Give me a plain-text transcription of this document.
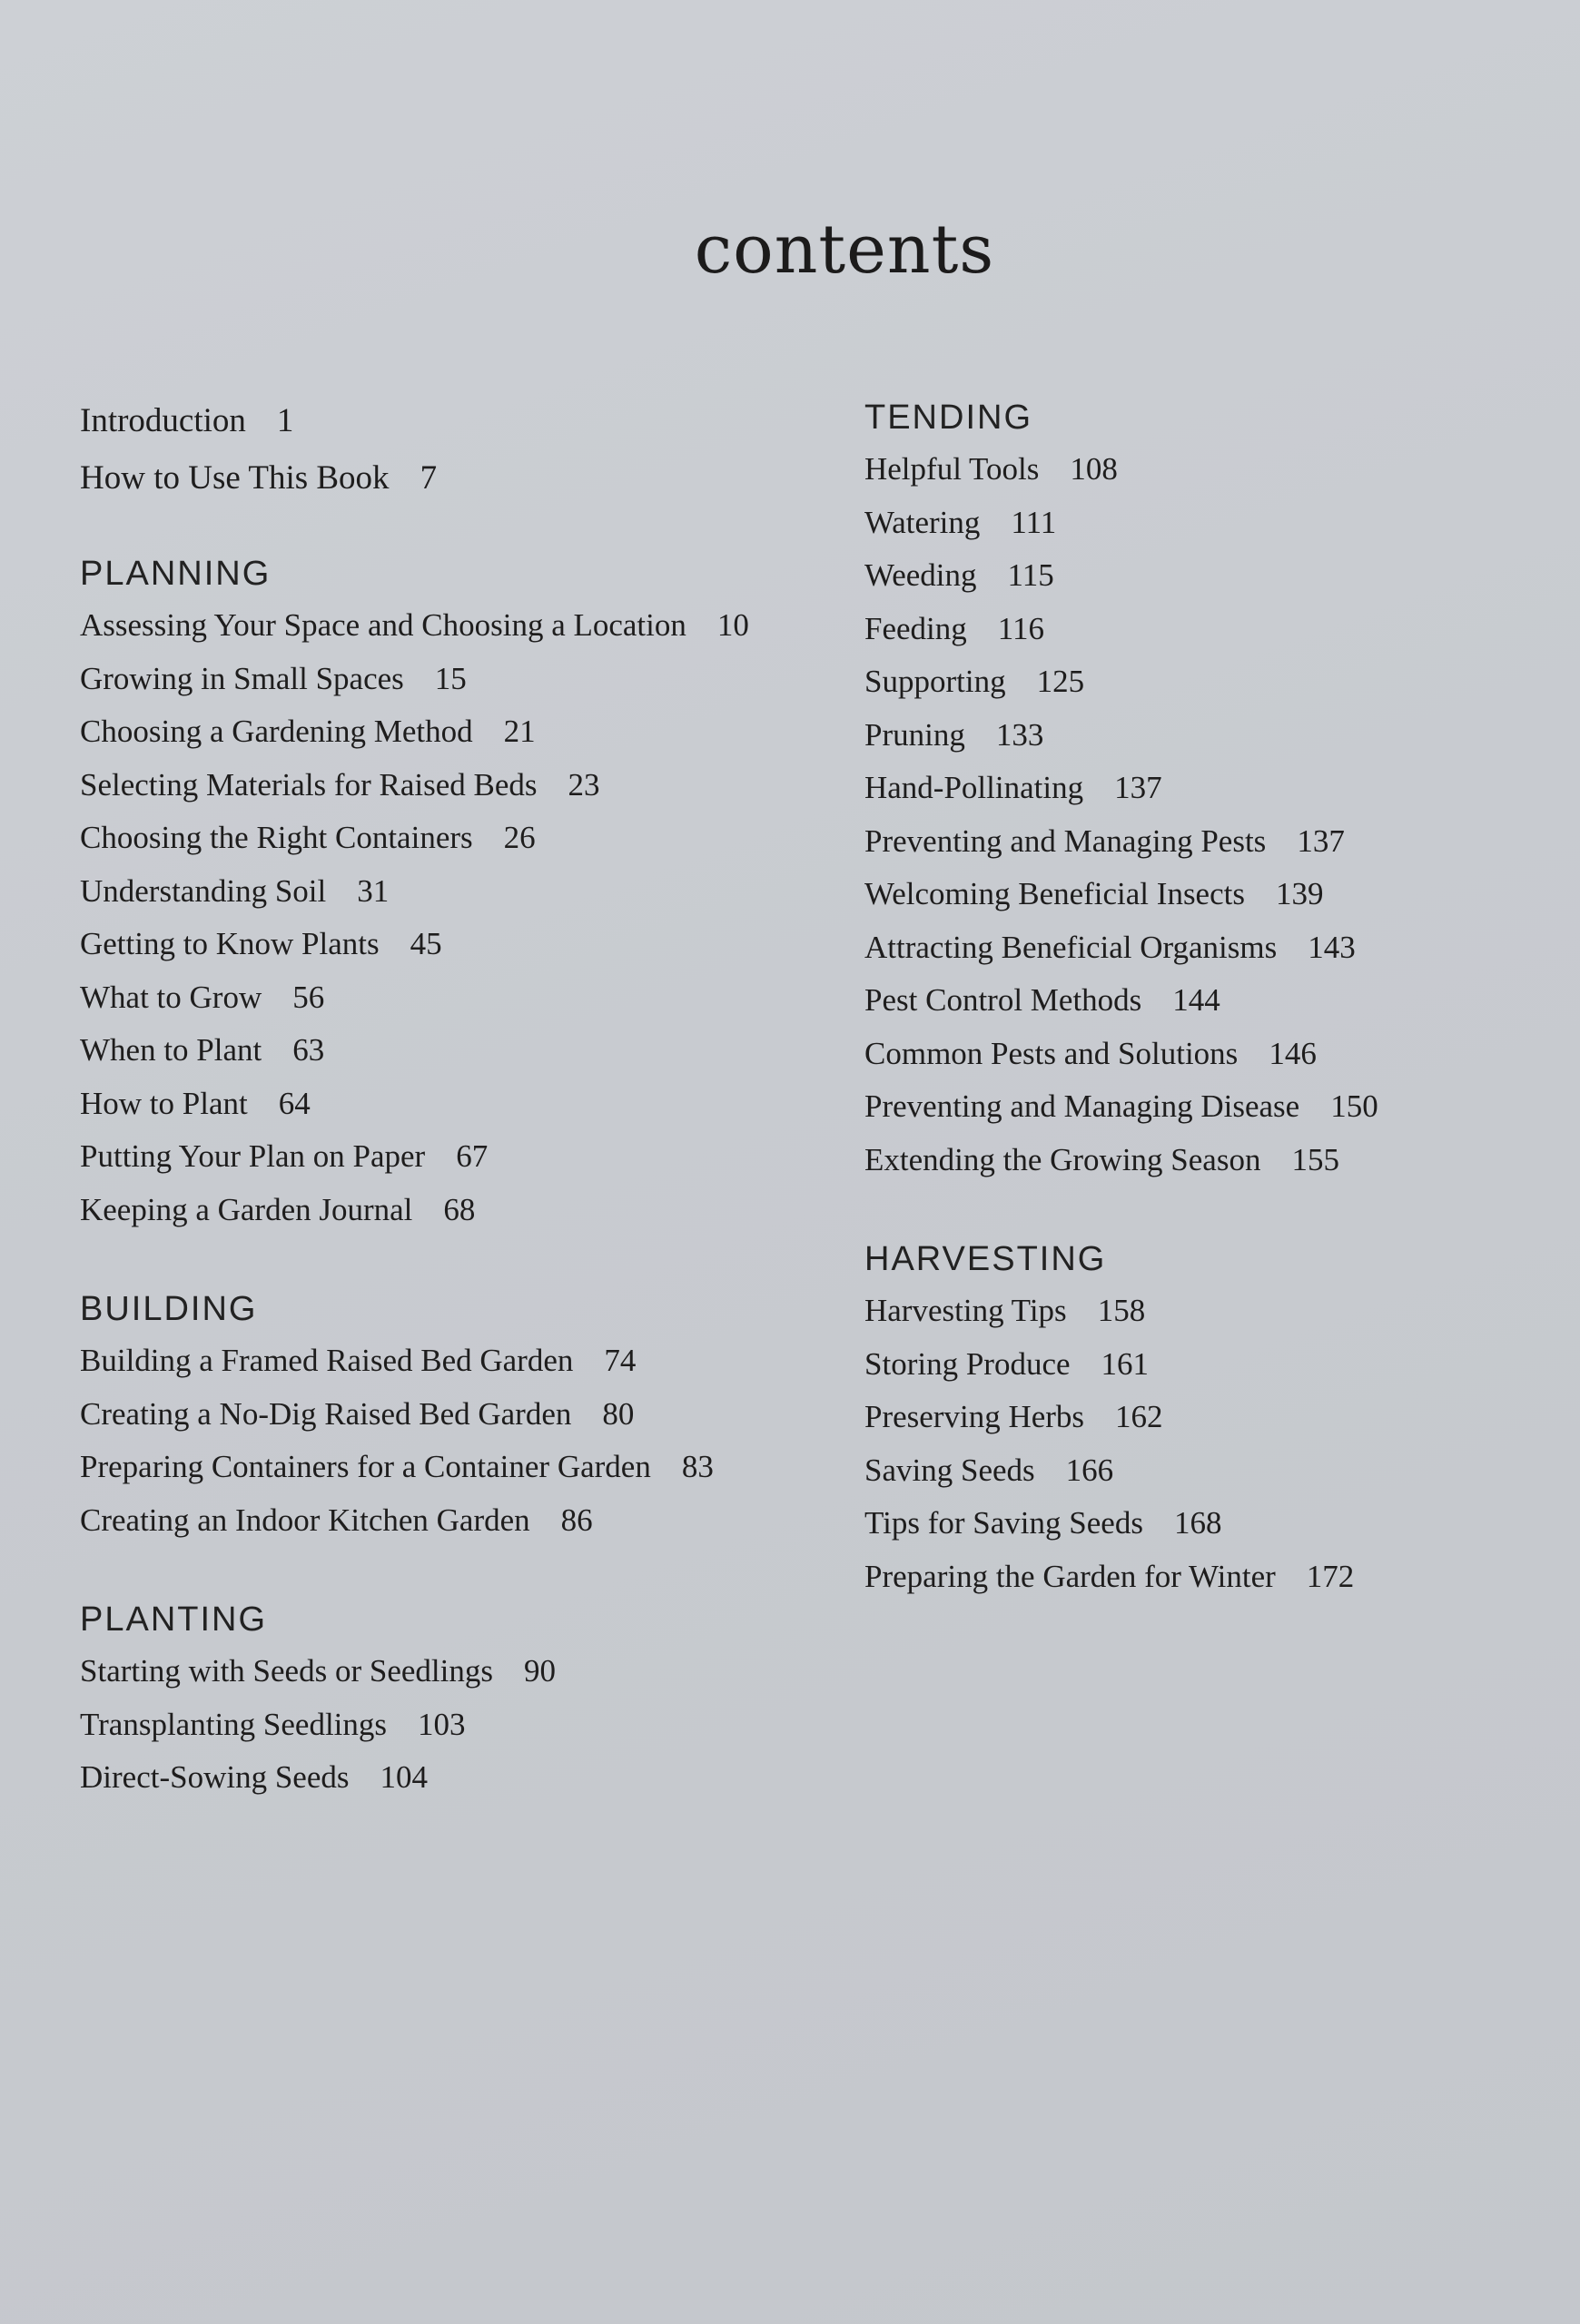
contents
Introduction 1
How to Use This Book 7
PLANNING
Assessing Your Space and Choosing a Location 10
Growing in Small Spaces 15
Choosing a Gardening Method 21
Selecting Materials for Raised Beds 23
Choosing the Right Containers 26
Understanding Soil 31
Getting to Know Plants 45
What to Grow 56
When to Plant 63
How to Plant 64
Putting Your Plan on Paper 67
Keeping a Garden Journal 68
BUILDING
Building a Framed Raised Bed Garden 74
Creating a No-Dig Raised Bed Garden 80
Preparing Containers for a Container Garden 83
Creating an Indoor Kitchen Garden 86
PLANTING
Starting with Seeds or Seedlings 90
Transplanting Seedlings 103
Direct-Sowing Seeds 104
TENDING
Helpful Tools 108
Watering 111
Weeding 115
Feeding 116
Supporting 125
Pruning 133
Hand-Pollinating 137
Preventing and Managing Pests 137
Welcoming Beneficial Insects 139
Attracting Beneficial Organisms 143
Pest Control Methods 144
Common Pests and Solutions 146
Preventing and Managing Disease 150
Extending the Growing Season 155
HARVESTING
Harvesting Tips 158
Storing Produce 161
Preserving Herbs 162
Saving Seeds 166
Tips for Saving Seeds 168
Preparing the Garden for Winter 172
